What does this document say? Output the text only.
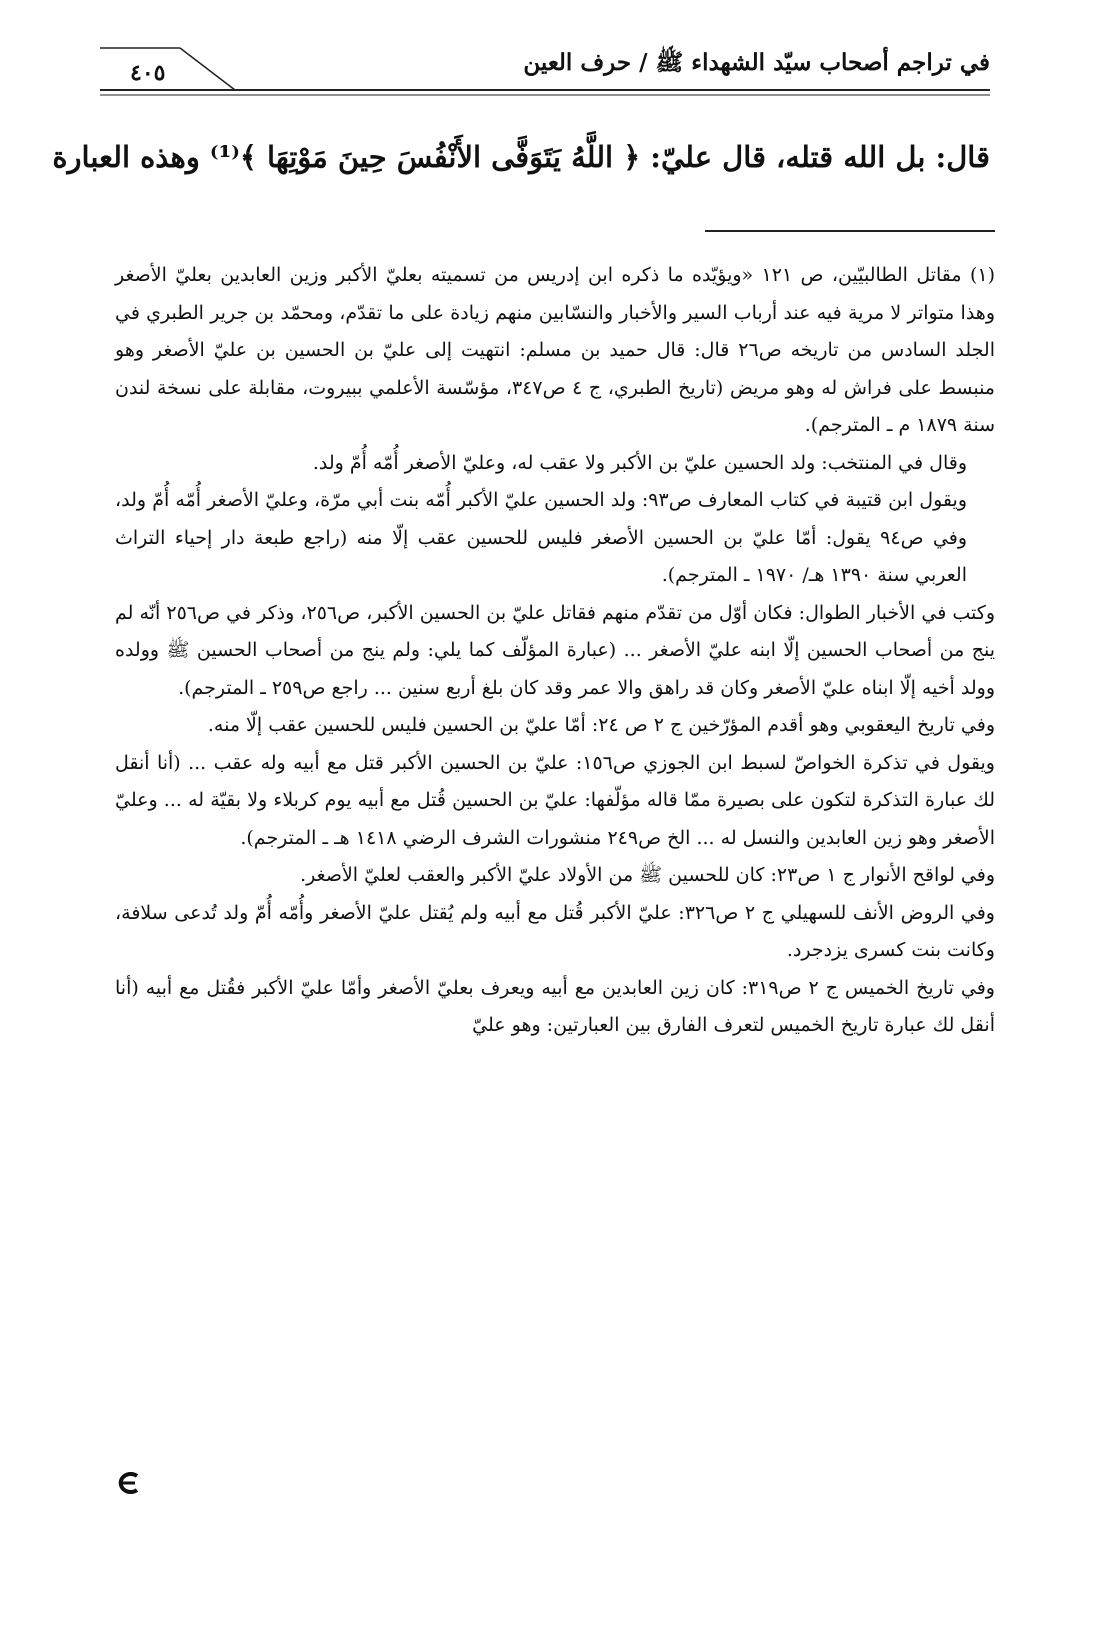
٤٠٥	في تراجم أصحاب سيّد الشهداء ﷺ / حرف العين
قال: بل الله قتله، قال عليّ: ﴿ اللَّهُ يَتَوَفَّى الأَنْفُسَ حِينَ مَوْتِهَا ﴾⁽¹⁾ وهذه العبارة

(١) مقاتل الطالبيّين، ص ١٢١ «ويؤيّده ما ذكره ابن إدريس من تسميته بعليّ الأكبر وزين العابدين بعليّ الأصغر وهذا متواتر لا مرية فيه عند أرباب السير والأخبار والنسّابين منهم زيادة على ما تقدّم، ومحمّد بن جرير الطبري في الجلد السادس من تاريخه ص٢٦ قال: قال حميد بن مسلم: انتهيت إلى عليّ بن الحسين بن عليّ الأصغر وهو منبسط على فراش له وهو مريض (تاريخ الطبري، ج ٤ ص٣٤٧، مؤسّسة الأعلمي ببيروت، مقابلة على نسخة لندن سنة ١٨٧٩ م ـ المترجم).

وقال في المنتخب: ولد الحسين عليّ بن الأكبر ولا عقب له، وعليّ الأصغر أُمّه أُمّ ولد.

ويقول ابن قتيبة في كتاب المعارف ص٩٣: ولد الحسين عليّ الأكبر أُمّه بنت أبي مرّة، وعليّ الأصغر أُمّه أُمّ ولد، وفي ص٩٤ يقول: أمّا عليّ بن الحسين الأصغر فليس للحسين عقب إلّا منه (راجع طبعة دار إحياء التراث العربي سنة ١٣٩٠ هـ/ ١٩٧٠ ـ المترجم).

وكتب في الأخبار الطوال: فكان أوّل من تقدّم منهم فقاتل عليّ بن الحسين الأكبر، ص٢٥٦، وذكر في ص٢٥٦ أنّه لم ينج من أصحاب الحسين إلّا ابنه عليّ الأصغر ... (عبارة المؤلّف كما يلي: ولم ينج من أصحاب الحسين ﷺ وولده وولد أخيه إلّا ابناه عليّ الأصغر وكان قد راهق والا عمر وقد كان بلغ أربع سنين ... راجع ص٢٥٩ ـ المترجم).

وفي تاريخ اليعقوبي وهو أقدم المؤرّخين ج ٢ ص ٢٤: أمّا عليّ بن الحسين فليس للحسين عقب إلّا منه.

ويقول في تذكرة الخواصّ لسبط ابن الجوزي ص١٥٦: عليّ بن الحسين الأكبر قتل مع أبيه وله عقب ... (أنا أنقل لك عبارة التذكرة لتكون على بصيرة ممّا قاله مؤلّفها: عليّ بن الحسين قُتل مع أبيه يوم كربلاء ولا بقيّة له ... وعليّ الأصغر وهو زين العابدين والنسل له ... الخ ص٢٤٩ منشورات الشرف الرضي ١٤١٨ هـ ـ المترجم).

وفي لواقح الأنوار ج ١ ص٢٣: كان للحسين ﷺ من الأولاد عليّ الأكبر والعقب لعليّ الأصغر.

وفي الروض الأنف للسهيلي ج ٢ ص٣٢٦: عليّ الأكبر قُتل مع أبيه ولم يُقتل عليّ الأصغر وأُمّه أُمّ ولد تُدعى سلافة، وكانت بنت كسرى يزدجرد.

وفي تاريخ الخميس ج ٢ ص٣١٩: كان زين العابدين مع أبيه ويعرف بعليّ الأصغر وأمّا عليّ الأكبر فقُتل مع أبيه (أنا أنقل لك عبارة تاريخ الخميس لتعرف الفارق بين العبارتين: وهو عليّ
